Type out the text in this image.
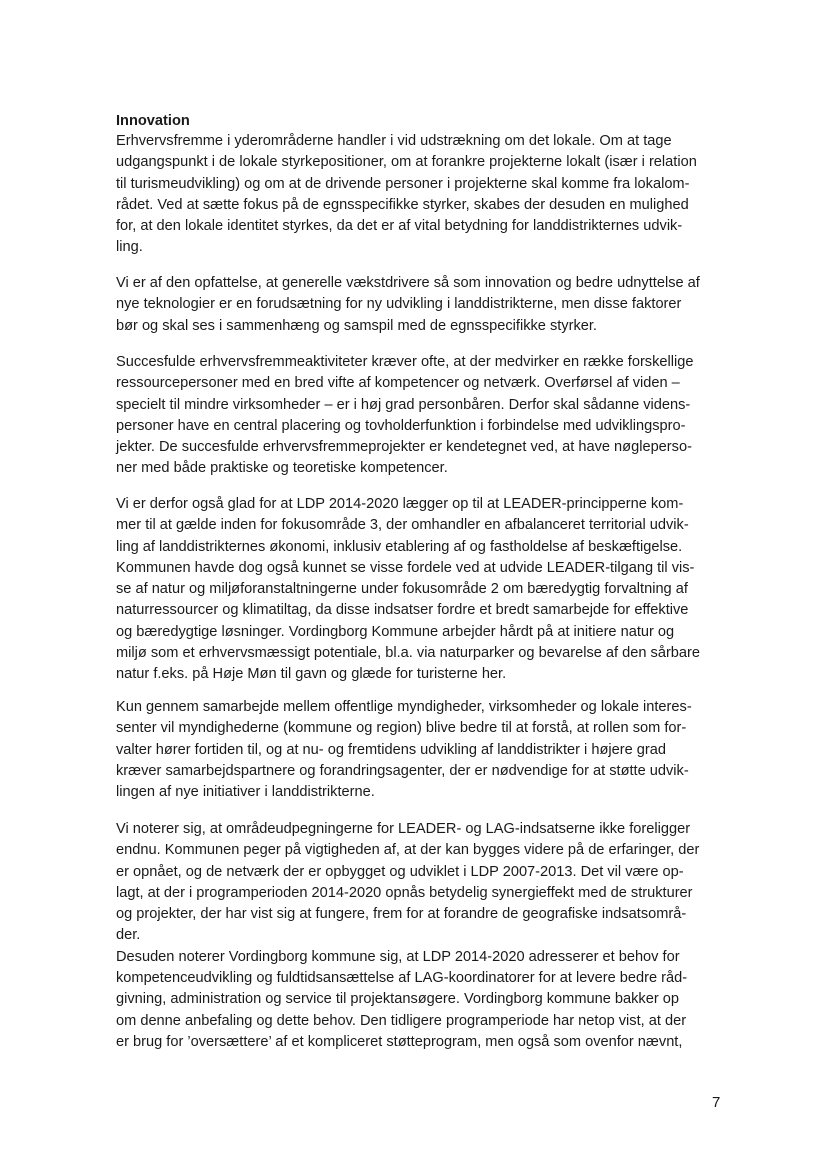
Innovation
Erhvervsfremme i yderområderne handler i vid udstrækning om det lokale. Om at tage
udgangspunkt i de lokale styrkepositioner, om at forankre projekterne lokalt (især i relation
til turismeudvikling) og om at de drivende personer i projekterne skal komme fra lokalom-
rådet. Ved at sætte fokus på de egnsspecifikke styrker, skabes der desuden en mulighed
for, at den lokale identitet styrkes, da det er af vital betydning for landdistrikternes udvik-
ling.
Vi er af den opfattelse, at generelle vækstdrivere så som innovation og bedre udnyttelse af
nye teknologier er en forudsætning for ny udvikling i landdistrikterne, men disse faktorer
bør og skal ses i sammenhæng og samspil med de egnsspecifikke styrker.
Succesfulde erhvervsfremmeaktiviteter kræver ofte, at der medvirker en række forskellige
ressourcepersoner med en bred vifte af kompetencer og netværk. Overførsel af viden –
specielt til mindre virksomheder – er i høj grad personbåren. Derfor skal sådanne videns-
personer have en central placering og tovholderfunktion i forbindelse med udviklingspro-
jekter. De succesfulde erhvervsfremmeprojekter er kendetegnet ved, at have nøgleperso-
ner med både praktiske og teoretiske kompetencer.
Vi er derfor også glad for at LDP 2014-2020 lægger op til at LEADER-principperne kom-
mer til at gælde inden for fokusområde 3, der omhandler en afbalanceret territorial udvik-
ling af landdistrikternes økonomi, inklusiv etablering af og fastholdelse af beskæftigelse.
Kommunen havde dog også kunnet se visse fordele ved at udvide LEADER-tilgang til vis-
se af natur og miljøforanstaltningerne under fokusområde 2 om bæredygtig forvaltning af
naturressourcer og klimatiltag, da disse indsatser fordre et bredt samarbejde for effektive
og bæredygtige løsninger. Vordingborg Kommune arbejder hårdt på at initiere natur og
miljø som et erhvervsmæssigt potentiale, bl.a. via naturparker og bevarelse af den sårbare
natur f.eks. på Høje Møn til gavn og glæde for turisterne her.
Kun gennem samarbejde mellem offentlige myndigheder, virksomheder og lokale interes-
senter vil myndighederne (kommune og region) blive bedre til at forstå, at rollen som for-
valter hører fortiden til, og at nu- og fremtidens udvikling af landdistrikter i højere grad
kræver samarbejdspartnere og forandringsagenter, der er nødvendige for at støtte udvik-
lingen af nye initiativer i landdistrikterne.
Vi noterer sig, at områdeudpegningerne for LEADER- og LAG-indsatserne ikke foreligger
endnu. Kommunen peger på vigtigheden af, at der kan bygges videre på de erfaringer, der
er opnået, og de netværk der er opbygget og udviklet i LDP 2007-2013. Det vil være op-
lagt, at der i programperioden 2014-2020 opnås betydelig synergieffekt med de strukturer
og projekter, der har vist sig at fungere, frem for at forandre de geografiske indsatsområ-
der.
Desuden noterer Vordingborg kommune sig, at LDP 2014-2020 adresserer et behov for
kompetenceudvikling og fuldtidsansættelse af LAG-koordinatorer for at levere bedre råd-
givning, administration og service til projektansøgere. Vordingborg kommune bakker op
om denne anbefaling og dette behov. Den tidligere programperiode har netop vist, at der
er brug for ’oversættere’ af et kompliceret støtteprogram, men også som ovenfor nævnt,
7
